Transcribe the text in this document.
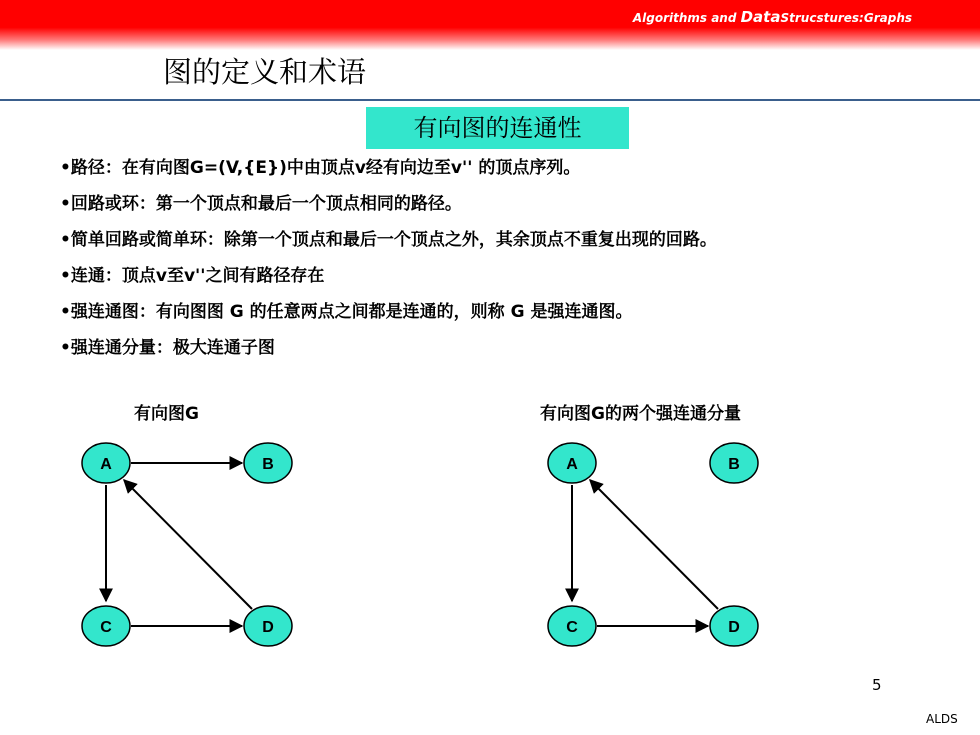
Algorithms and DataStrucstures:Graphs
图的定义和术语
有向图的连通性
•路径：在有向图G=(V,{E})中由顶点v经有向边至v'' 的顶点序列。
•回路或环：第一个顶点和最后一个顶点相同的路径。
•简单回路或简单环：除第一个顶点和最后一个顶点之外，其余顶点不重复出现的回路。
•连通：顶点v至v''之间有路径存在
•强连通图：有向图图 G 的任意两点之间都是连通的，则称 G 是强连通图。
•强连通分量：极大连通子图
有向图G	有向图G的两个强连通分量
A	B
C	D
A	B
C	D
5
ALDS
